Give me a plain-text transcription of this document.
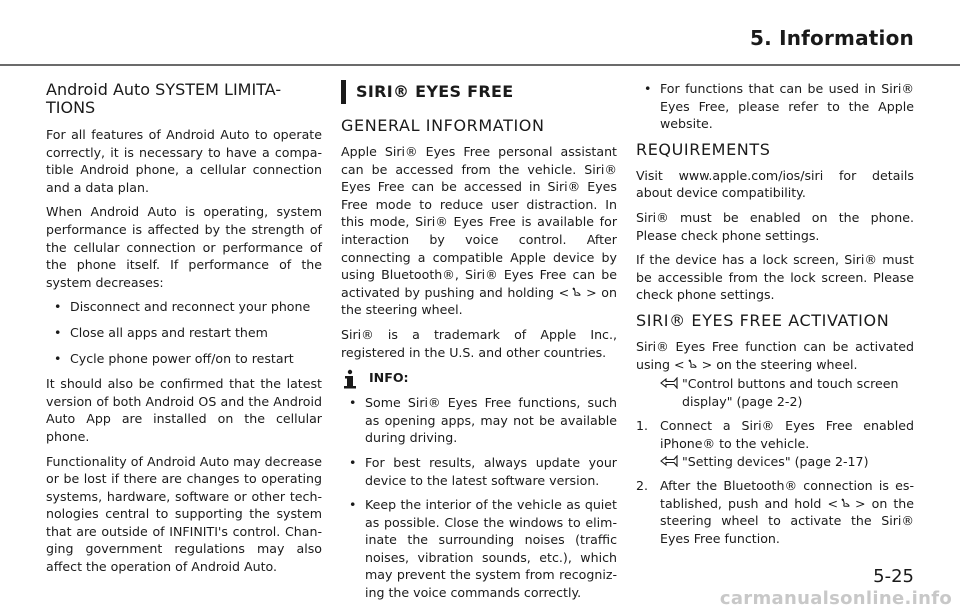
5. Information
Android Auto SYSTEM LIMITA-
TIONS

For all features of Android Auto to operate correctly, it is necessary to have a compa-tible Android phone, a cellular connection and a data plan.

When Android Auto is operating, system performance is affected by the strength of the cellular connection or performance of the phone itself. If performance of the system decreases:

• Disconnect and reconnect your phone
• Close all apps and restart them
• Cycle phone power off/on to restart

It should also be confirmed that the latest version of both Android OS and the Android Auto App are installed on the cellular phone.

Functionality of Android Auto may decrease or be lost if there are changes to operating systems, hardware, software or other tech-nologies central to supporting the system that are outside of INFINITI's control. Chan-ging government regulations may also affect the operation of Android Auto.

SIRI® EYES FREE
GENERAL INFORMATION

Apple Siri® Eyes Free personal assistant can be accessed from the vehicle. Siri® Eyes Free can be accessed in Siri® Eyes Free mode to reduce user distraction. In this mode, Siri® Eyes Free is available for interaction by voice control. After connecting a compatible Apple device by using Bluetooth®, Siri® Eyes Free can be activated by pushing and holding < > on the steering wheel.

Siri® is a trademark of Apple Inc., registered in the U.S. and other countries.

INFO:
• Some Siri® Eyes Free functions, such as opening apps, may not be available during driving.
• For best results, always update your device to the latest software version.
• Keep the interior of the vehicle as quiet as possible. Close the windows to elim-inate the surrounding noises (traffic noises, vibration sounds, etc.), which may prevent the system from recogniz-ing the voice commands correctly.
• For functions that can be used in Siri® Eyes Free, please refer to the Apple website.
REQUIREMENTS

Visit www.apple.com/ios/siri for details about device compatibility.

Siri® must be enabled on the phone. Please check phone settings.

If the device has a lock screen, Siri® must be accessible from the lock screen. Please check phone settings.

SIRI® EYES FREE ACTIVATION

Siri® Eyes Free function can be activated using < > on the steering wheel.

"Control buttons and touch screen display" (page 2-2)
1. Connect a Siri® Eyes Free enabled iPhone® to the vehicle.
"Setting devices" (page 2-17)
2. After the Bluetooth® connection is es-tablished, push and hold < > on the steering wheel to activate the Siri® Eyes Free function.
5-25
carmanualsonline.info
